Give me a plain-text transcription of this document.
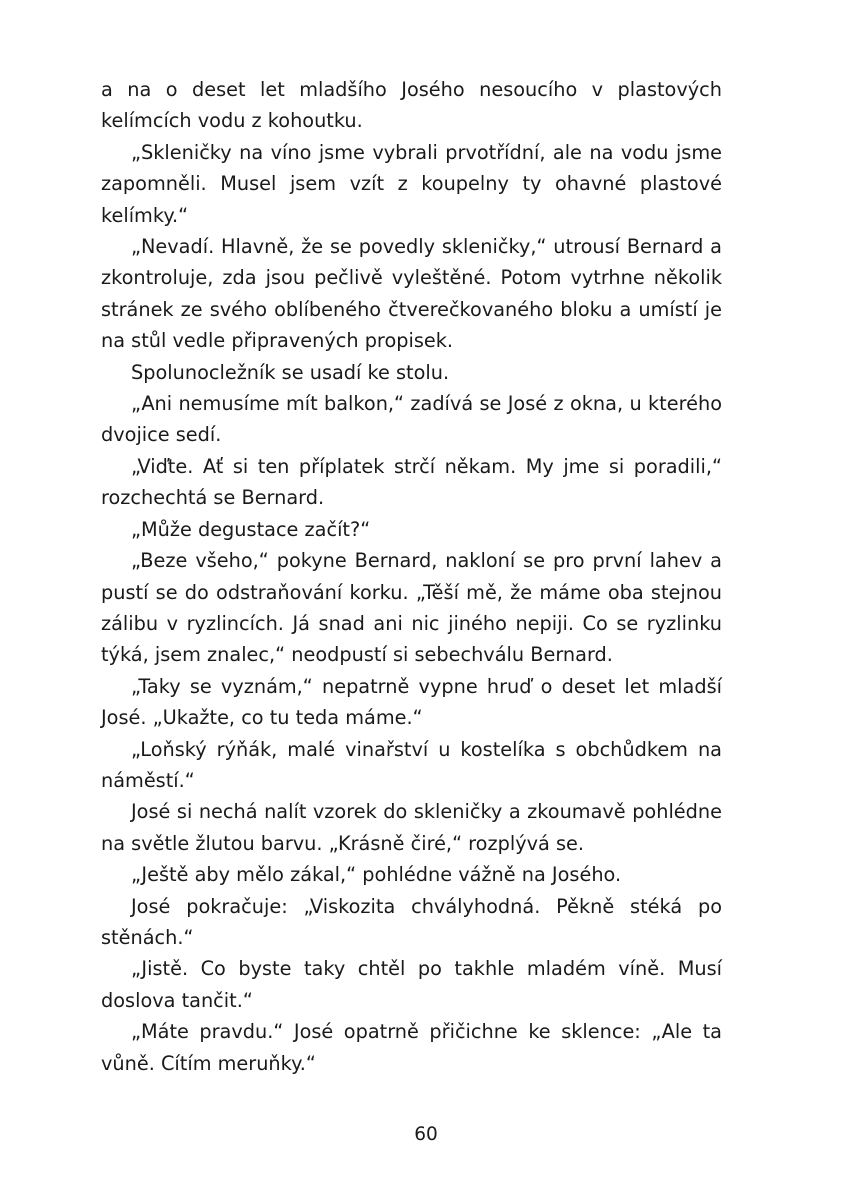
a na o deset let mladšího Josého nesoucího v plastových kelímcích vodu z kohoutku.

„Skleničky na víno jsme vybrali prvotřídní, ale na vodu jsme zapomněli. Musel jsem vzít z koupelny ty ohavné plastové kelímky.“

„Nevadí. Hlavně, že se povedly skleničky,“ utrousí Bernard a zkontroluje, zda jsou pečlivě vyleštěné. Potom vytrhne několik stránek ze svého oblíbeného čtverečkovaného bloku a umístí je na stůl vedle připravených propisek.

Spolunocležník se usadí ke stolu.

„Ani nemusíme mít balkon,“ zadívá se José z okna, u kterého dvojice sedí.

„Viďte. Ať si ten příplatek strčí někam. My jme si poradili,“ rozchechtá se Bernard.

„Může degustace začít?“

„Beze všeho,“ pokyne Bernard, nakloní se pro první lahev a pustí se do odstraňování korku. „Těší mě, že máme oba stejnou zálibu v ryzlincích. Já snad ani nic jiného nepiji. Co se ryzlinku týká, jsem znalec,“ neodpustí si sebechválu Bernard.

„Taky se vyznám,“ nepatrně vypne hruď o deset let mladší José. „Ukažte, co tu teda máme.“

„Loňský rýňák, malé vinařství u kostelíka s obchůdkem na náměstí.“

José si nechá nalít vzorek do skleničky a zkoumavě pohlédne na světle žlutou barvu. „Krásně čiré,“ rozplývá se.

„Ještě aby mělo zákal,“ pohlédne vážně na Josého.

José pokračuje: „Viskozita chvályhodná. Pěkně stéká po stěnách.“

„Jistě. Co byste taky chtěl po takhle mladém víně. Musí doslova tančit.“

„Máte pravdu.“ José opatrně přičichne ke sklence: „Ale ta vůně. Cítím meruňky.“

60
